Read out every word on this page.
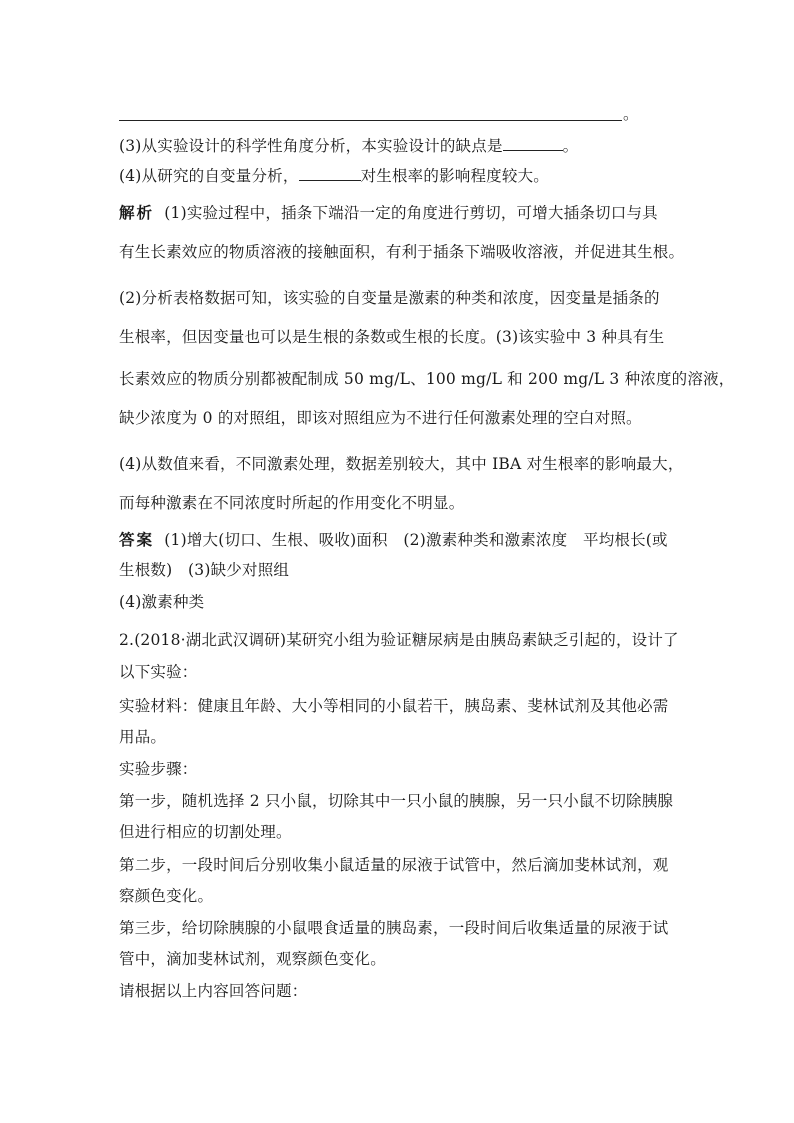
。
(3)从实验设计的科学性角度分析，本实验设计的缺点是	。
(4)从研究的自变量分析，	对生根率的影响程度较大。
解析 (1)实验过程中，插条下端沿一定的角度进行剪切，可增大插条切口与具
有生长素效应的物质溶液的接触面积，有利于插条下端吸收溶液，并促进其生根。
(2)分析表格数据可知，该实验的自变量是激素的种类和浓度，因变量是插条的
生根率，但因变量也可以是生根的条数或生根的长度。(3)该实验中 3 种具有生
长素效应的物质分别都被配制成 50 mg/L、100 mg/L 和 200 mg/L 3 种浓度的溶液，
缺少浓度为 0 的对照组，即该对照组应为不进行任何激素处理的空白对照。
(4)从数值来看，不同激素处理，数据差别较大，其中 IBA 对生根率的影响最大，
而每种激素在不同浓度时所起的作用变化不明显。
答案 (1)增大(切口、生根、吸收)面积　(2)激素种类和激素浓度　平均根长(或
生根数)　(3)缺少对照组
(4)激素种类
2.(2018·湖北武汉调研)某研究小组为验证糖尿病是由胰岛素缺乏引起的，设计了
以下实验：
实验材料：健康且年龄、大小等相同的小鼠若干，胰岛素、斐林试剂及其他必需
用品。
实验步骤：
第一步，随机选择 2 只小鼠，切除其中一只小鼠的胰腺，另一只小鼠不切除胰腺
但进行相应的切割处理。
第二步，一段时间后分别收集小鼠适量的尿液于试管中，然后滴加斐林试剂，观
察颜色变化。
第三步，给切除胰腺的小鼠喂食适量的胰岛素，一段时间后收集适量的尿液于试
管中，滴加斐林试剂，观察颜色变化。
请根据以上内容回答问题：
